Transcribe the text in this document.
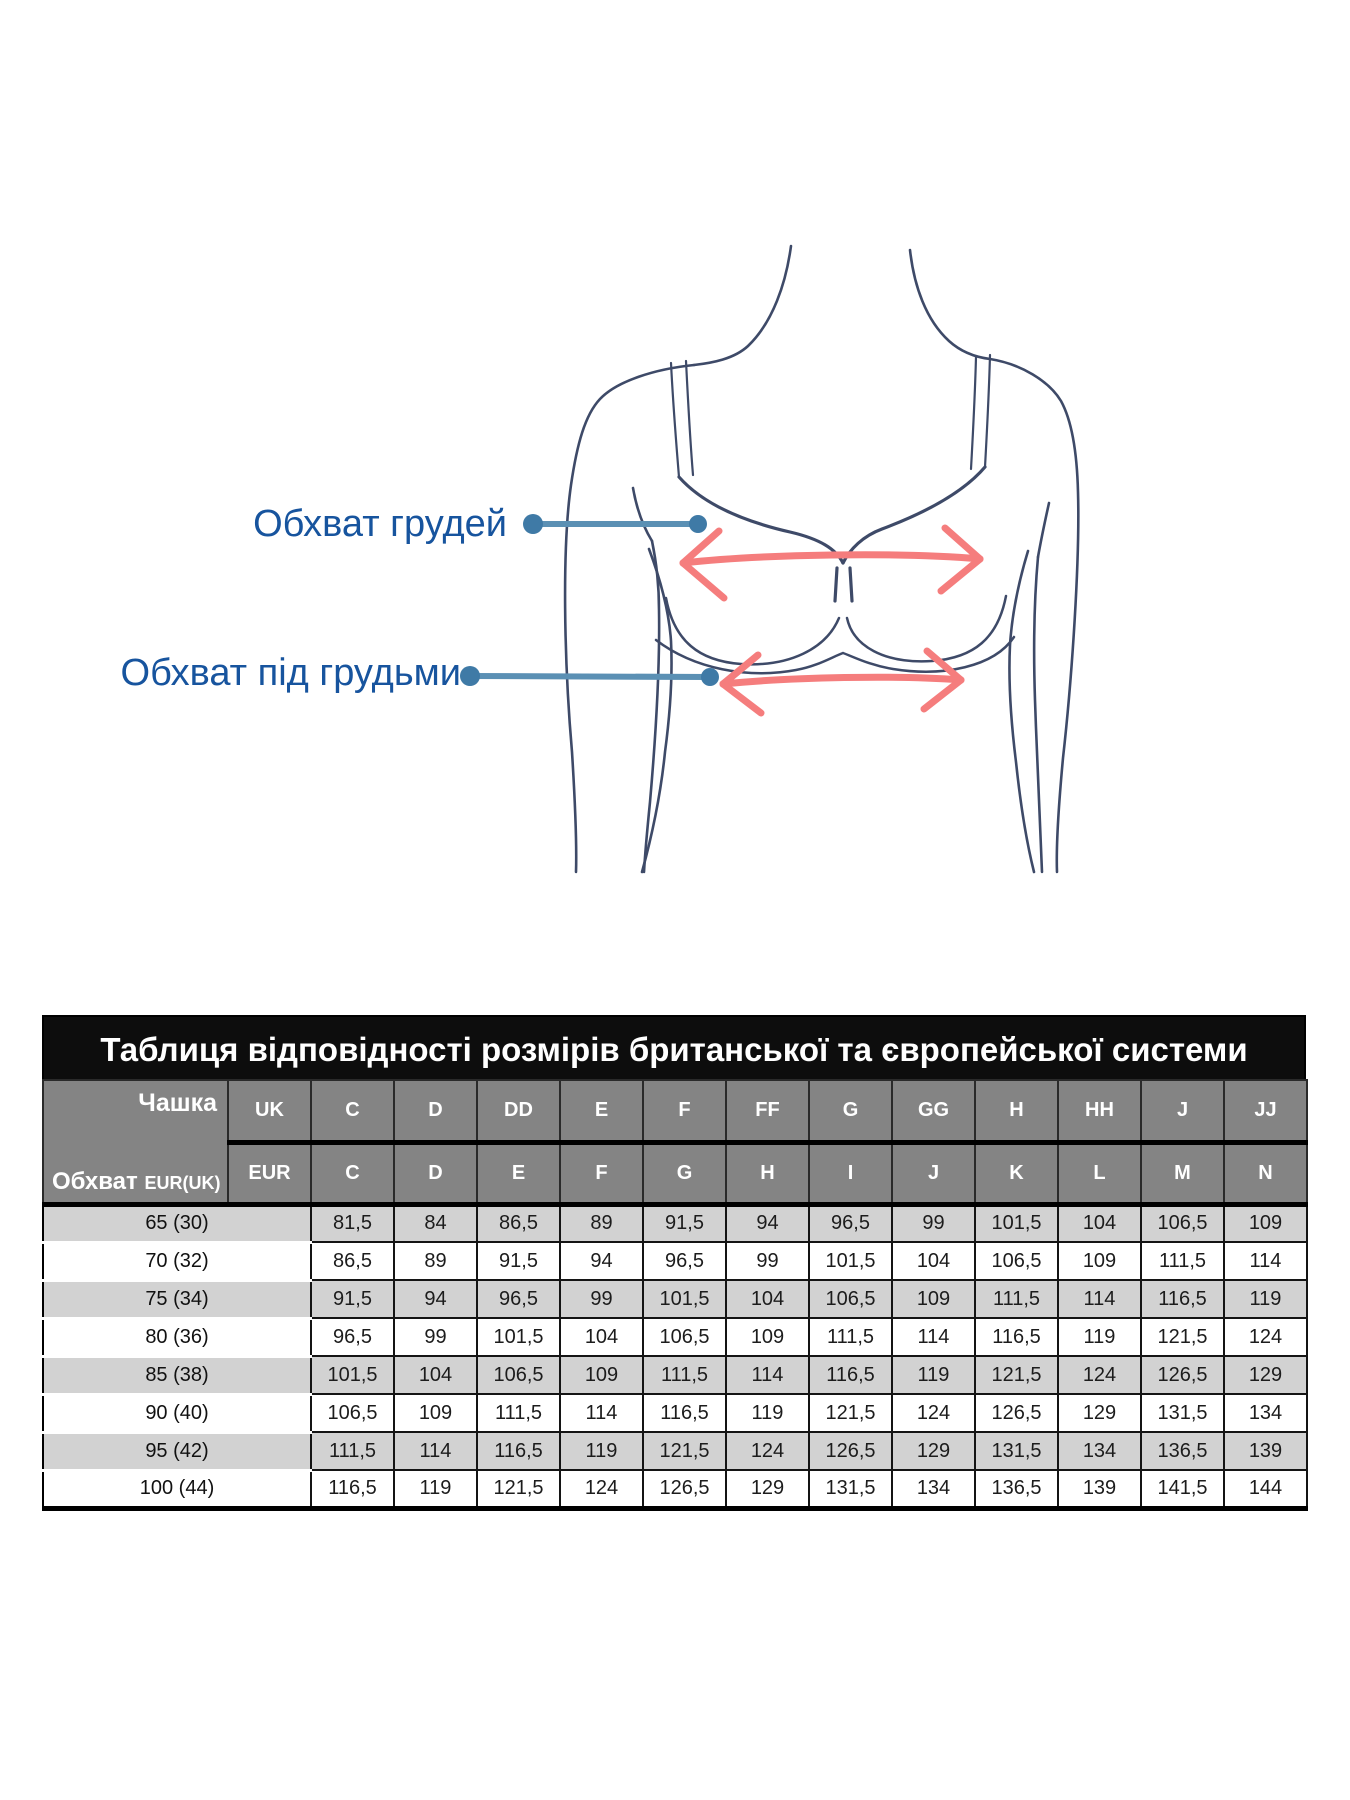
Обхват грудей
Обхват під грудьми
Таблиця відповідності розмірів британської та європейської системи
Чашка
Обхват EUR(UK)	UK	C	D	DD	E	F	FF	G	GG	H	HH	J	JJ
	EUR	C	D	E	F	G	H	I	J	K	L	M	N
65 (30)		81,5	84	86,5	89	91,5	94	96,5	99	101,5	104	106,5	109
70 (32)		86,5	89	91,5	94	96,5	99	101,5	104	106,5	109	111,5	114
75 (34)		91,5	94	96,5	99	101,5	104	106,5	109	111,5	114	116,5	119
80 (36)		96,5	99	101,5	104	106,5	109	111,5	114	116,5	119	121,5	124
85 (38)		101,5	104	106,5	109	111,5	114	116,5	119	121,5	124	126,5	129
90 (40)		106,5	109	111,5	114	116,5	119	121,5	124	126,5	129	131,5	134
95 (42)		111,5	114	116,5	119	121,5	124	126,5	129	131,5	134	136,5	139
100 (44)		116,5	119	121,5	124	126,5	129	131,5	134	136,5	139	141,5	144
